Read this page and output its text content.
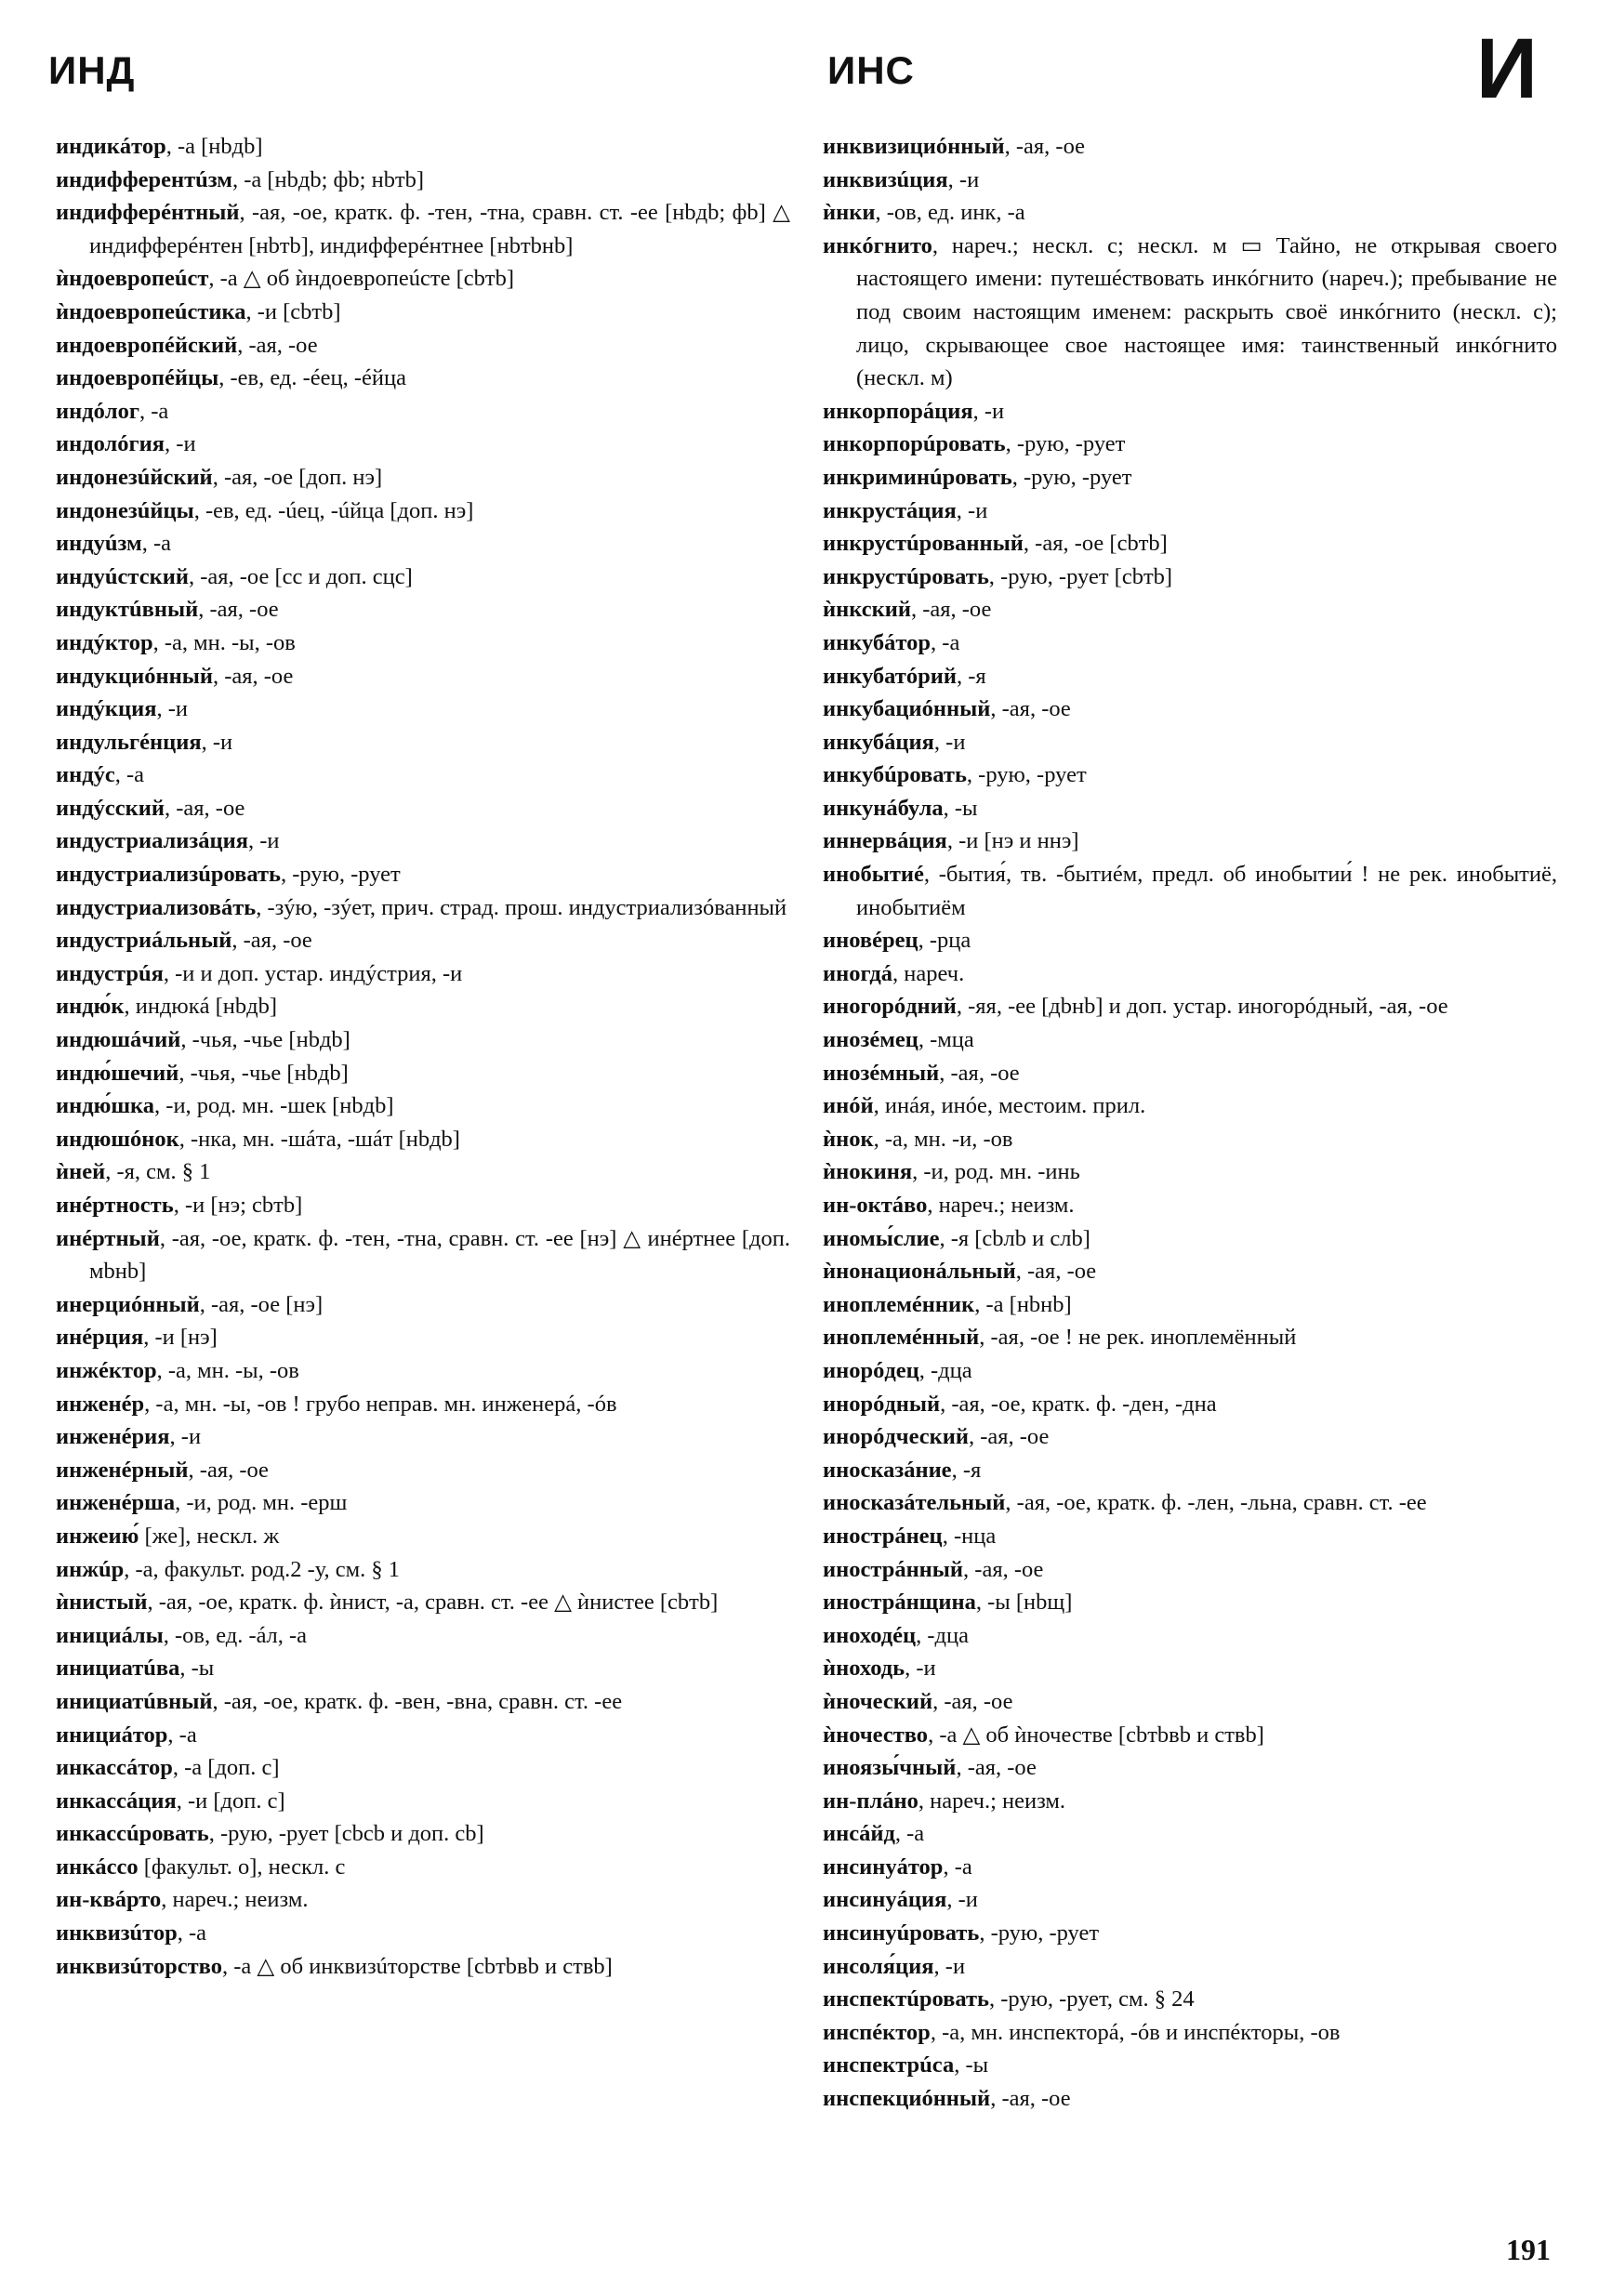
ИНД	ИНС	И
индикáтор, -а [нbдb]
индифферентúзм, -а [нbдb; фb; нbтb]
индифферéнтный, -ая, -ое, кратк. ф. -тен, -тна, сравн. ст. -ее [нbдb; фb] △ индифферéнтен [нbтb], индифферéнтнее [нbтbнb]
ѝндоевропеúст, -а △ об ѝндоевропеúсте [сbтb]
ѝндоевропеúстика, -и [сbтb]
индоевропéйский, -ая, -ое
индоевропéйцы, -ев, ед. -éец, -éйца
индóлог, -а
индолóгия, -и
индонезúйский, -ая, -ое [доп. нэ]
индонезúйцы, -ев, ед. -úец, -úйца [доп. нэ]
индуúзм, -а
индуúстский, -ая, -ое [сс и доп. сцс]
индуктúвный, -ая, -ое
индýктор, -а, мн. -ы, -ов
индукциóнный, -ая, -ое
индýкция, -и
индульгéнция, -и
индýс, -а
индýсский, -ая, -ое
индустриализáция, -и
индустриализúровать, -рую, -рует
индустриализовáть, -зýю, -зýет, прич. страд. прош. индустриализóванный
индустриáльный, -ая, -ое
индустрúя, -и и доп. устар. индýстрия, -и
индю́к, индюкá [нbдb]
индюшáчий, -чья, -чье [нbдb]
индю́шечий, -чья, -чье [нbдb]
индю́шка, -и, род. мн. -шек [нbдb]
индюшóнок, -нка, мн. -шáта, -шáт [нbдb]
ѝней, -я, см. § 1
инéртность, -и [нэ; сbтb]
инéртный, -ая, -ое, кратк. ф. -тен, -тна, сравн. ст. -ее [нэ] △ инéртнее [доп. мbнb]
инерциóнный, -ая, -ое [нэ]
инéрция, -и [нэ]
инжéктор, -а, мн. -ы, -ов
инженéр, -а, мн. -ы, -ов ! грубо неправ. мн. инженерá, -óв
инженéрия, -и
инженéрный, -ая, -ое
инженéрша, -и, род. мн. -ерш
инжеию́ [же], нескл. ж
инжúр, -а, факульт. род.2 -у, см. § 1
ѝнистый, -ая, -ое, кратк. ф. ѝнист, -а, сравн. ст. -ее △ ѝнистее [сbтb]
инициáлы, -ов, ед. -áл, -а
инициатúва, -ы
инициатúвный, -ая, -ое, кратк. ф. -вен, -вна, сравн. ст. -ее
инициáтор, -а
инкассáтор, -а [доп. с]
инкассáция, -и [доп. с]
инкассúровать, -рую, -рует [сbсb и доп. сb]
инкáссо [факульт. о], нескл. с
ин-квáрто, нареч.; неизм.
инквизúтор, -а
инквизúторство, -а △ об инквизúторстве [сbтbвb и ствb]
инквизициóнный, -ая, -ое
инквизúция, -и
ѝнки, -ов, ед. инк, -а
инкóгнито, нареч.; нескл. с; нескл. м ▭ Тайно, не открывая своего настоящего имени: путешéствовать инкóгнито (нареч.); пребывание не под своим настоящим именем: раскрыть своё инкóгнито (нескл. с); лицо, скрывающее свое настоящее имя: таинственный инкóгнито (нескл. м)
инкорпорáция, -и
инкорпорúровать, -рую, -рует
инкриминúровать, -рую, -рует
инкрустáция, -и
инкрустúрованный, -ая, -ое [сbтb]
инкрустúровать, -рую, -рует [сbтb]
ѝнкский, -ая, -ое
инкубáтор, -а
инкубатóрий, -я
инкубациóнный, -ая, -ое
инкубáция, -и
инкубúровать, -рую, -рует
инкунáбула, -ы
иннервáция, -и [нэ и ннэ]
инобытиé, -бытия́, тв. -бытиéм, предл. об инобытии́ ! не рек. инобытиё, инобытиём
иновéрец, -рца
иногдá, нареч.
иногорóдний, -яя, -ее [дbнb] и доп. устар. иногорóдный, -ая, -ое
инозéмец, -мца
инозéмный, -ая, -ое
инóй, инáя, инóе, местоим. прил.
ѝнок, -а, мн. -и, -ов
ѝнокиня, -и, род. мн. -инь
ин-октáво, нареч.; неизм.
иномы́слие, -я [сbлb и слb]
ѝнонационáльный, -ая, -ое
иноплемéнник, -а [нbнb]
иноплемéнный, -ая, -ое ! не рек. иноплемённый
инорóдец, -дца
инорóдный, -ая, -ое, кратк. ф. -ден, -дна
инорóдческий, -ая, -ое
иносказáние, -я
иносказáтельный, -ая, -ое, кратк. ф. -лен, -льна, сравн. ст. -ее
инострáнец, -нца
инострáнный, -ая, -ое
инострáнщина, -ы [нbщ]
иноходéц, -дца
ѝноходь, -и
ѝноческий, -ая, -ое
ѝночество, -а △ об ѝночестве [сbтbвb и ствb]
иноязы́чный, -ая, -ое
ин-плáно, нареч.; неизм.
инсáйд, -а
инсинуáтор, -а
инсинуáция, -и
инсинуúровать, -рую, -рует
инсоля́ция, -и
инспектúровать, -рую, -рует, см. § 24
инспéктор, -а, мн. инспекторá, -óв и инспéкторы, -ов
инспектрúса, -ы
инспекциóнный, -ая, -ое
191
